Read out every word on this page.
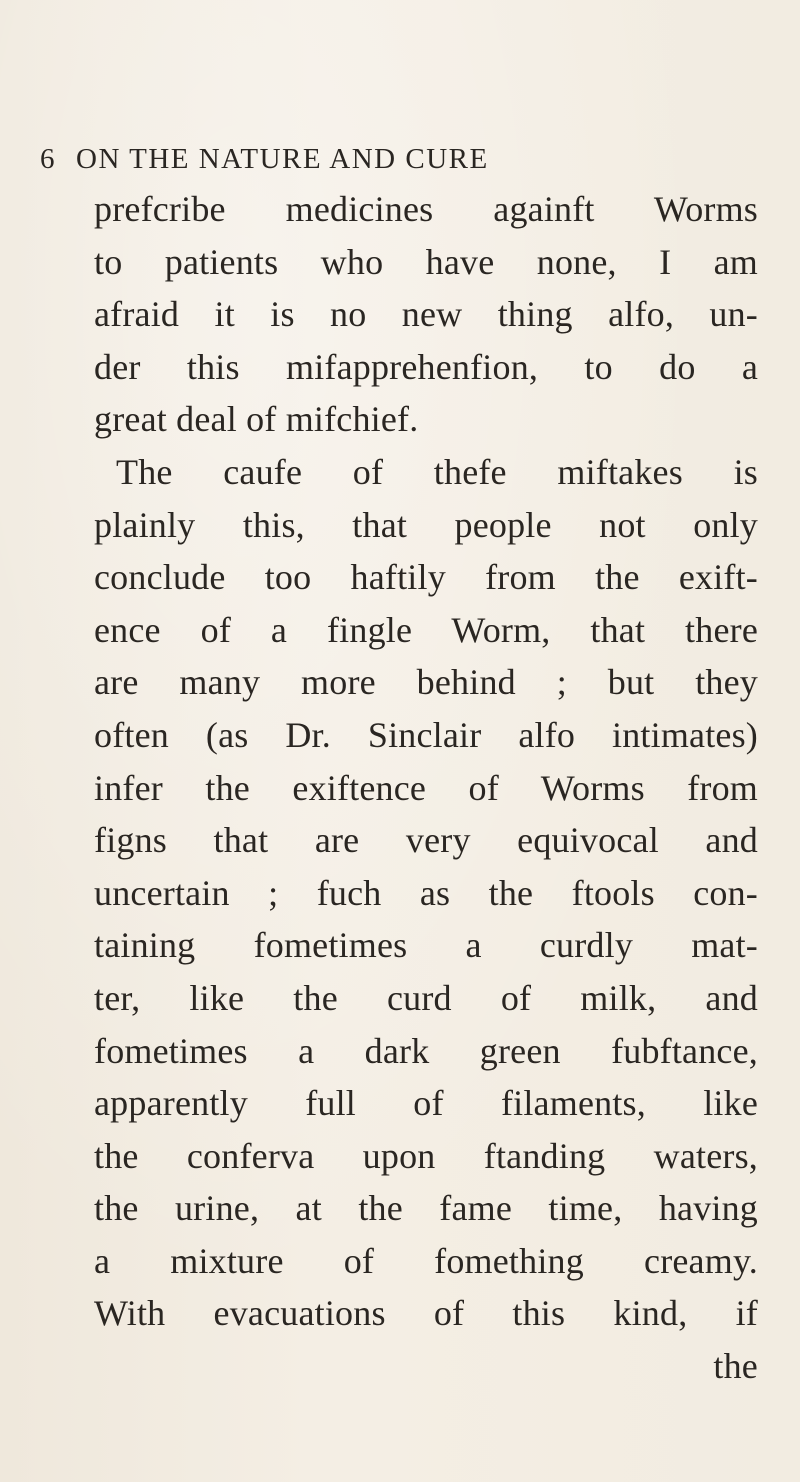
6 ON THE NATURE AND CURE
prefcribe medicines againft Worms
to patients who have none, I am
afraid it is no new thing alfo, un-
der this mifapprehenfion, to do a
great deal of mifchief.
The caufe of thefe miftakes is
plainly this, that people not only
conclude too haftily from the exift-
ence of a fingle Worm, that there
are many more behind ; but they
often (as Dr. Sinclair alfo intimates)
infer the exiftence of Worms from
figns that are very equivocal and
uncertain ; fuch as the ftools con-
taining fometimes a curdly mat-
ter, like the curd of milk, and
fometimes a dark green fubftance,
apparently full of filaments, like
the conferva upon ftanding waters,
the urine, at the fame time, having
a mixture of fomething creamy.
With evacuations of this kind, if
the
